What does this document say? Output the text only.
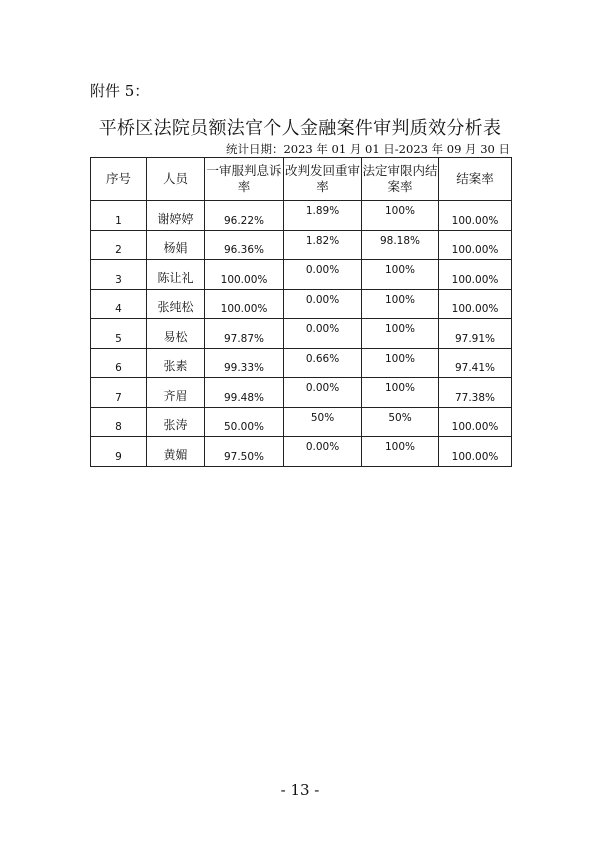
附件 5：
平桥区法院员额法官个人金融案件审判质效分析表
统计日期：2023 年 01 月 01 日-2023 年 09 月 30 日
序号	人员	一审服判息诉率	改判发回重审率	法定审限内结案率	结案率
1	谢婷婷	96.22%	1.89%	100%	100.00%
2	杨娟	96.36%	1.82%	98.18%	100.00%
3	陈让礼	100.00%	0.00%	100%	100.00%
4	张纯松	100.00%	0.00%	100%	100.00%
5	易松	97.87%	0.00%	100%	97.91%
6	张素	99.33%	0.66%	100%	97.41%
7	齐眉	99.48%	0.00%	100%	77.38%
8	张涛	50.00%	50%	50%	100.00%
9	黄媚	97.50%	0.00%	100%	100.00%
- 13 -
